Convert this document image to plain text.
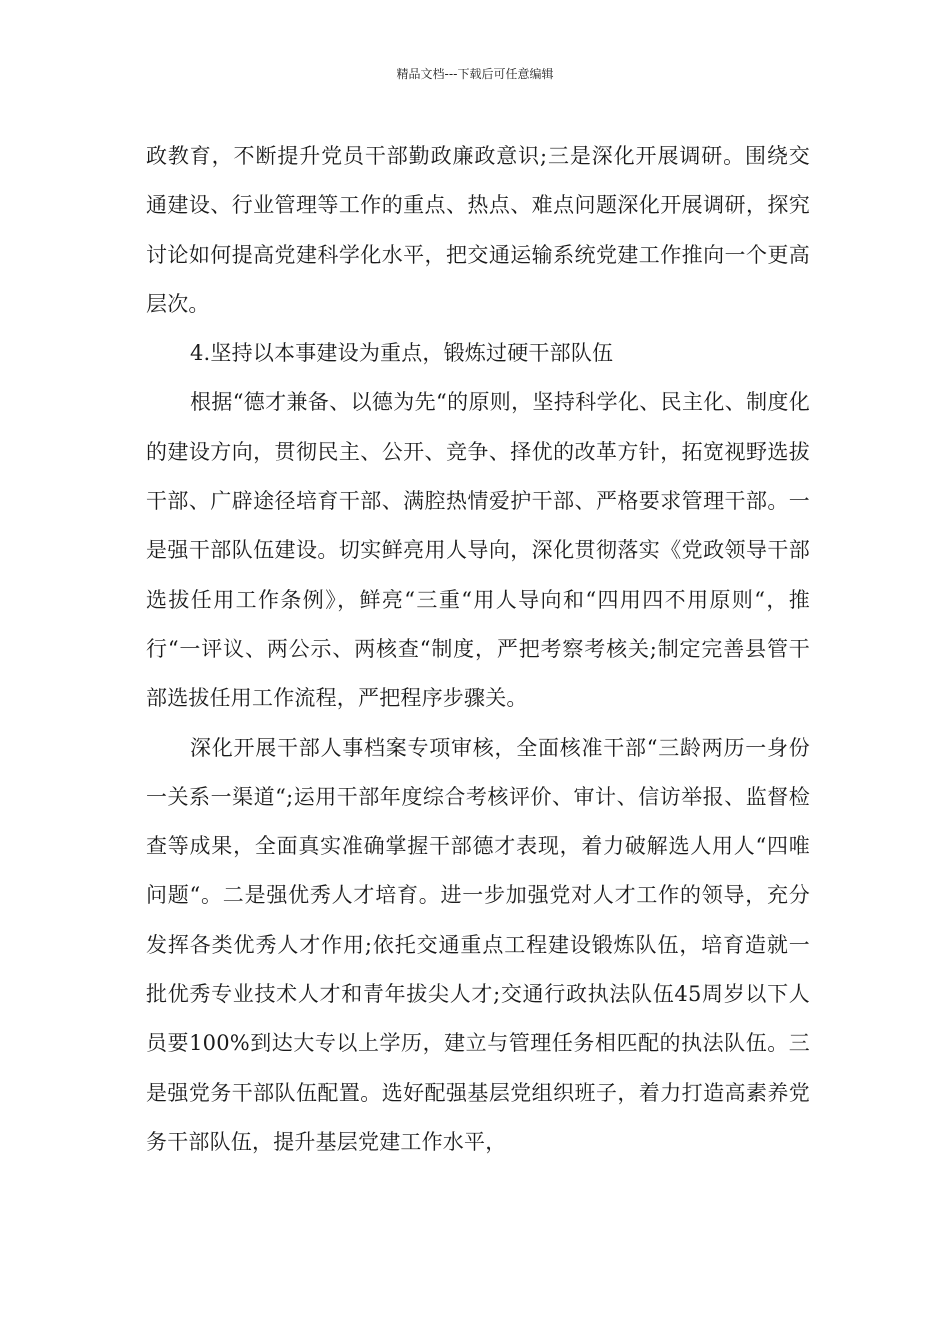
精品文档---下载后可任意编辑

政教育，不断提升党员干部勤政廉政意识;三是深化开展调研。围绕交通建设、行业管理等工作的重点、热点、难点问题深化开展调研，探究讨论如何提高党建科学化水平，把交通运输系统党建工作推向一个更高层次。

4.坚持以本事建设为重点，锻炼过硬干部队伍

根据“德才兼备、以德为先“的原则，坚持科学化、民主化、制度化的建设方向，贯彻民主、公开、竞争、择优的改革方针，拓宽视野选拔干部、广辟途径培育干部、满腔热情爱护干部、严格要求管理干部。一是强干部队伍建设。切实鲜亮用人导向，深化贯彻落实《党政领导干部选拔任用工作条例》，鲜亮“三重“用人导向和“四用四不用原则“，推行“一评议、两公示、两核查“制度，严把考察考核关;制定完善县管干部选拔任用工作流程，严把程序步骤关。

深化开展干部人事档案专项审核，全面核准干部“三龄两历一身份一关系一渠道“;运用干部年度综合考核评价、审计、信访举报、监督检查等成果，全面真实准确掌握干部德才表现，着力破解选人用人“四唯问题“。二是强优秀人才培育。进一步加强党对人才工作的领导，充分发挥各类优秀人才作用;依托交通重点工程建设锻炼队伍，培育造就一批优秀专业技术人才和青年拔尖人才;交通行政执法队伍45周岁以下人员要100%到达大专以上学历，建立与管理任务相匹配的执法队伍。三是强党务干部队伍配置。选好配强基层党组织班子，着力打造高素养党务干部队伍，提升基层党建工作水平，
